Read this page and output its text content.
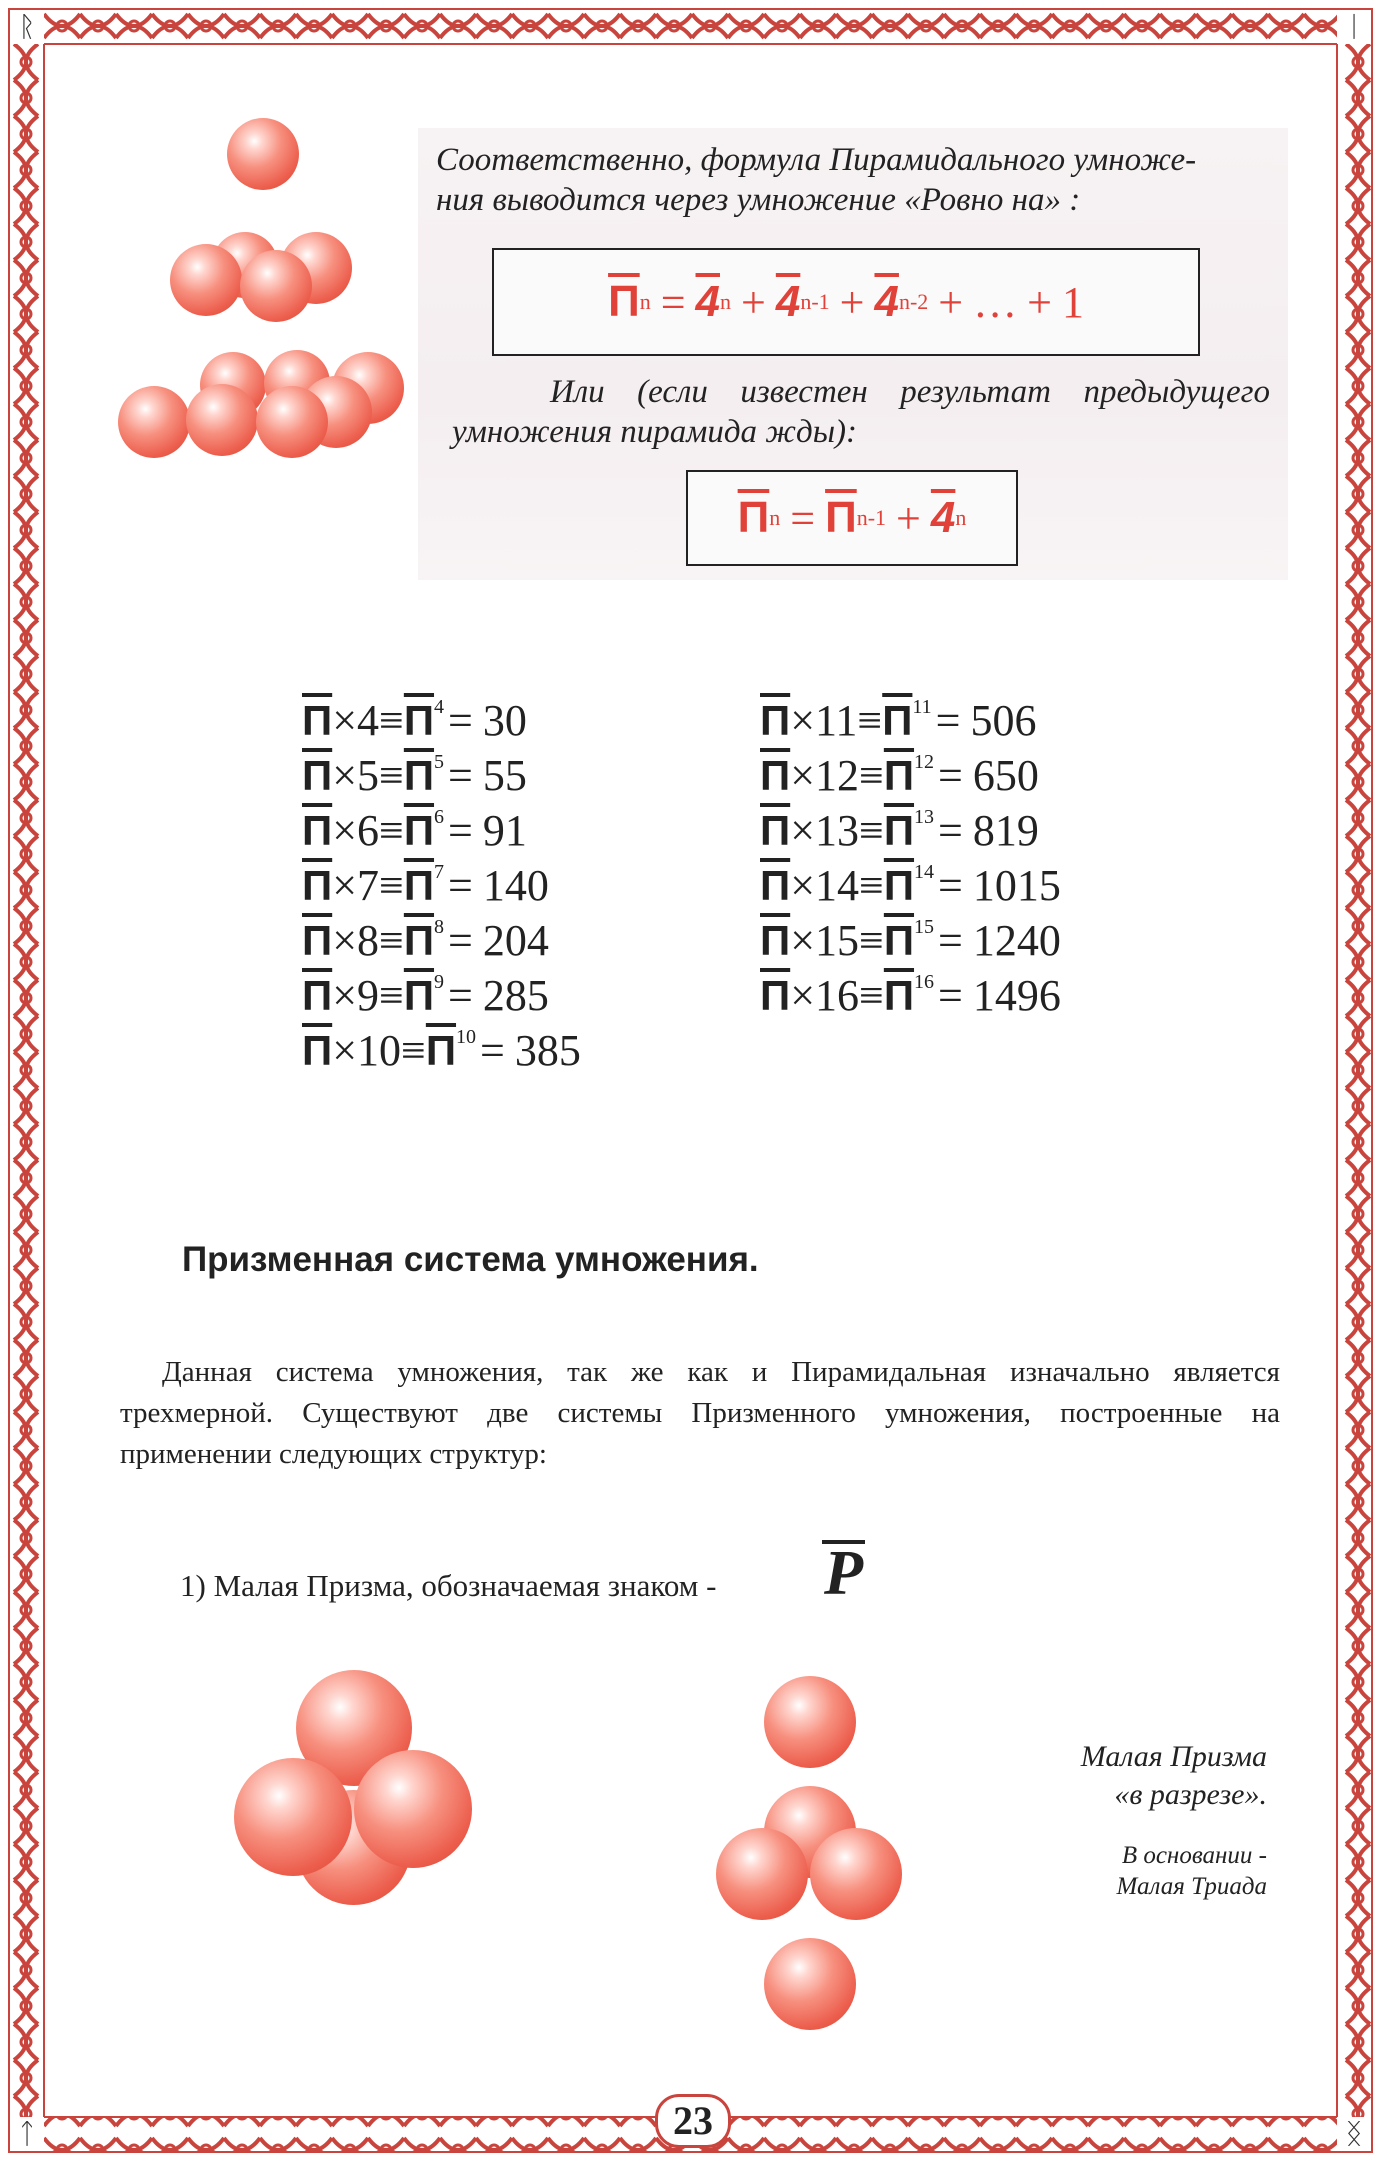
ᚱ	ᛁ
ᛏ	ᛝ
23
Соответственно, формула Пирамидального умноже-
ния выводится через умножение «Ровно на» :
П n = 4 n + 4 n-1 + 4 n-2 + … + 1
Или  (если  известен  результат  предыдущего
умножения пирамида жды):
П n = П n-1 + 4 n
$П\times 4\equiv П^4= 30$
$П\times 5\equiv П^5= 55$
$П\times 6\equiv П^6= 91$
$П\times 7\equiv П^7= 140$
$П\times 8\equiv П^8= 204$
$П\times 9\equiv П^9= 285$
$П\times 10\equiv П^{10}= 385$
$П\times 11\equiv П^{11}= 506$
$П\times 12\equiv П^{12}= 650$
$П\times 13\equiv П^{13}= 819$
$П\times 14\equiv П^{14}= 1015$
$П\times 15\equiv П^{15}= 1240$
$П\times 16\equiv П^{16}= 1496$
Призменная система умножения.
Данная система умножения, так же как и Пирамидальная изначально является трехмерной. Существуют две системы Призменного умножения, построенные на применении следующих структур:
1) Малая Призма, обозначаемая знаком - P
Малая Призма
«в разрезе».
В основании -
Малая Триада
